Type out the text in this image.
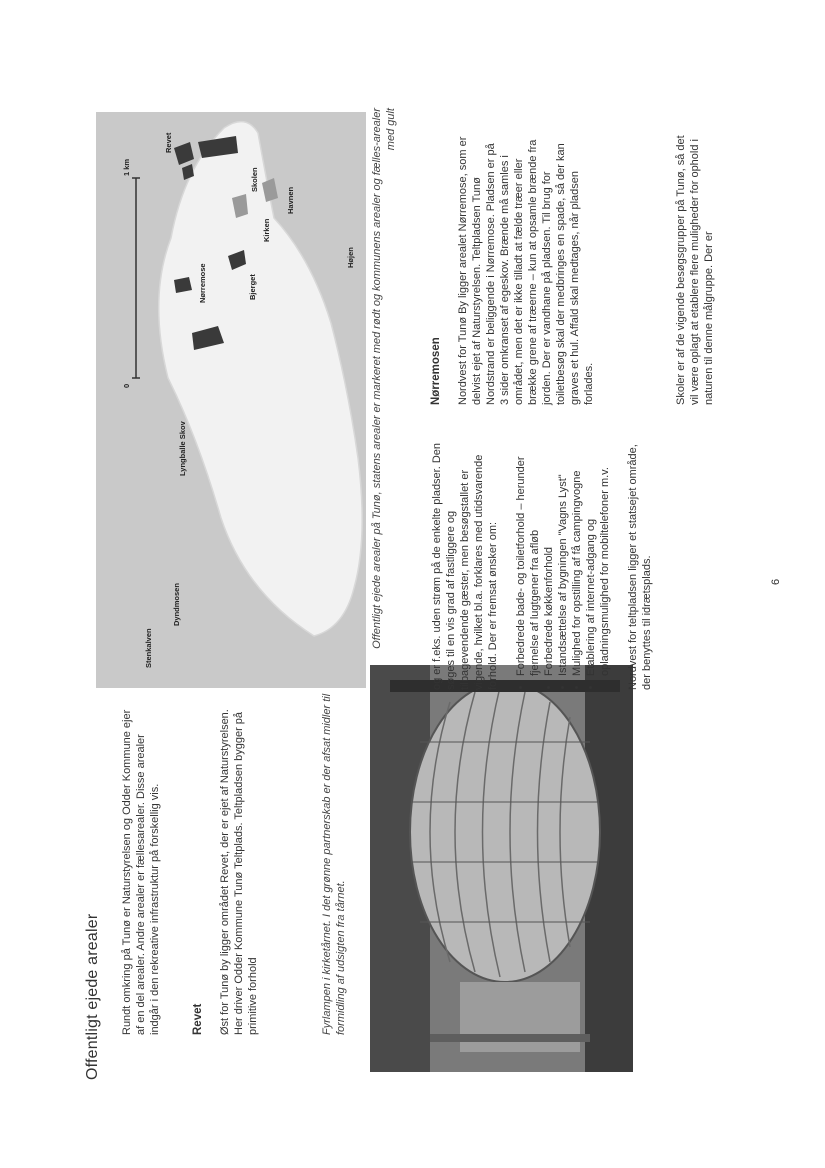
Offentligt ejede arealer Rundt omkring på Tunø er Naturstyrelsen og Odder Kommune ejer af en del arealer. Andre arealer er fællesarealer. Disse arealer indgår i den rekreative infrastruktur på forskellig vis.	Revet Øst for Tunø by ligger området Revet, der er ejet af Naturstyrelsen. Her driver Odder Kommune Tunø Teltplads. Teltpladsen bygger på primitive forhold	Fyrlampen i kirketårnet. I det grønne partnerskab er der afsat midler til formidling af udsigten fra tårnet.

0
1 km
Stenkalven
Dyndmosen
Lyngballe Skov
Bjerget
Højen
Nørremose
Kirken
Skolen
Havnen
Revet	Offentligt ejede arealer på Tunø, statens arealer er markeret med rødt og kommunens arealer og fælles-arealer med gult

og er f.eks. uden strøm på de enkelte pladser. Den søges til en vis grad af fastliggere og tilbagevendende gæster, men besøgstallet er vigende, hvilket bl.a. forklares med utidsvarende forhold. Der er fremsat ønsker om: • Forbedrede bade- og toiletforhold – herunder fjernelse af lugtgener fra afløb • Forbedrede køkkenforhold • Istandsættelse af bygningen "Vagns Lyst" • Mulighed for opstilling af få campingvogne • Etablering af internet-adgang og opladningsmulighed for mobiltelefoner m.v. Nordvest for teltpladsen ligger et statsejet område, der benyttes til idrætsplads.

Nørremosen Nordvest for Tunø By ligger arealet Nørremose, som er delvist ejet af Naturstyrelsen. Teltpladsen Tunø Nordstrand er beliggende i Nørremose. Pladsen er på 3 sider omkranset af egeskov. Brænde må samles i området, men det er ikke tilladt at fælde træer eller brække grene af træerne – kun at opsamle brænde fra jorden. Der er vandhane på pladsen. Til brug for toiletbesøg skal der medbringes en spade, så der kan graves et hul. Affald skal medtages, når pladsen forlades.	Skoler er af de vigende besøgsgrupper på Tunø, så det vil være oplagt at etablere flere muligheder for ophold i naturen til denne målgruppe. Der er

6
